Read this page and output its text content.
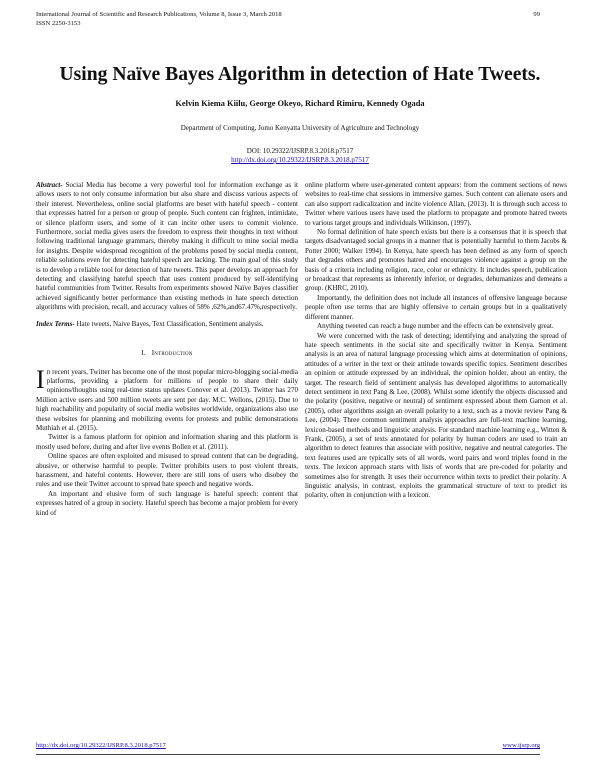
International Journal of Scientific and Research Publications, Volume 8, Issue 3, March 2018
ISSN 2250-3153
99
Using Naïve Bayes Algorithm in detection of Hate Tweets.
Kelvin Kiema Kiilu, George Okeyo, Richard Rimiru, Kennedy Ogada
Department of Computing, Jomo Kenyatta University of Agriculture and Technology
DOI: 10.29322/IJSRP.8.3.2018.p7517
http://dx.doi.org/10.29322/IJSRP.8.3.2018.p7517

Abstract- Social Media has become a very powerful tool for information exchange as it allows users to not only consume information but also share and discuss various aspects of their interest. Nevertheless, online social platforms are beset with hateful speech - content that expresses hatred for a person or group of people. Such content can frighten, intimidate, or silence platform users, and some of it can incite other users to commit violence. Furthermore, social media gives users the freedom to express their thoughts in text without following traditional language grammars, thereby making it difficult to mine social media for insights. Despite widespread recognition of the problems posed by social media content, reliable solutions even for detecting hateful speech are lacking. The main goal of this study is to develop a reliable tool for detection of hate tweets. This paper develops an approach for detecting and classifying hateful speech that uses content produced by self-identifying hateful communities from Twitter. Results from experiments showed Naïve Bayes classifier achieved significantly better performance than existing methods in hate speech detection algorithms with precision, recall, and accuracy values of 58% ,62%,and67.47%,respectively.

Index Terms- Hate tweets, Naive Bayes, Text Classification, Sentiment analysis.

I. Introduction

In recent years, Twitter has become one of the most popular micro-blogging social-media platforms, providing a platform for millions of people to share their daily opinions/thoughts using real-time status updates Conover et al. (2013). Twitter has 270 Million active users and 500 million tweets are sent per day. M.C. Wellons, (2015). Due to high reachability and popularity of social media websites worldwide, organizations also use these websites for planning and mobilizing events for protests and public demonstrations Muthiah et al. (2015).

Twitter is a famous platform for opinion and information sharing and this platform is mostly used before, during and after live events Bollen et al. (2011).

Online spaces are often exploited and misused to spread content that can be degrading, abusive, or otherwise harmful to people. Twitter prohibits users to post violent threats, harassment, and hateful contents. However, there are still tons of users who disobey the rules and use their Twitter account to spread hate speech and negative words.

An important and elusive form of such language is hateful speech: content that expresses hatred of a group in society. Hateful speech has become a major problem for every kind of

online platform where user-generated content appears: from the comment sections of news websites to real-time chat sessions in immersive games. Such content can alienate users and can also support radicalization and incite violence Allan, (2013). It is through such access to Twitter where various users have used the platform to propagate and promote hatred tweets to various target groups and individuals Wilkinson, (1997).

No formal definition of hate speech exists but there is a consensus that it is speech that targets disadvantaged social groups in a manner that is potentially harmful to them Jacobs & Potter 2000; Walker 1994). In Kenya, hate speech has been defined as any form of speech that degrades others and promotes hatred and encourages violence against a group on the basis of a criteria including religion, race, color or ethnicity. It includes speech, publication or broadcast that represents as inherently inferior, or degrades, dehumanizes and demeans a group. (KHRC, 2010).

Importantly, the definition does not include all instances of offensive language because people often use terms that are highly offensive to certain groups but in a qualitatively different manner.

Anything tweeted can reach a huge number and the effects can be extensively great.

We were concerned with the task of detecting; identifying and analyzing the spread of hate speech sentiments in the social site and specifically twitter in Kenya. Sentiment analysis is an area of natural language processing which aims at determination of opinions, attitudes of a writer in the text or their attitude towards specific topics. Sentiment describes an opinion or attitude expressed by an individual, the opinion holder, about an entity, the target. The research field of sentiment analysis has developed algorithms to automatically detect sentiment in text Pang & Lee, (2008). Whilst some identify the objects discussed and the polarity (positive, negative or neutral) of sentiment expressed about them Gamon et al. (2005), other algorithms assign an overall polarity to a text, such as a movie review Pang & Lee, (2004). Three common sentiment analysis approaches are full-text machine learning, lexicon-based methods and linguistic analysis. For standard machine learning e.g., Witten & Frank, (2005), a set of texts annotated for polarity by human coders are used to train an algorithm to detect features that associate with positive, negative and neutral categories. The text features used are typically sets of all words, word pairs and word triples found in the texts. The lexicon approach starts with lists of words that are pre-coded for polarity and sometimes also for strength. It uses their occurrence within texts to predict their polarity. A linguistic analysis, in contrast, exploits the grammatical structure of text to predict its polarity, often in conjunction with a lexicon.

http://dx.doi.org/10.29322/IJSRP.8.3.2018.p7517	www.ijsrp.org
